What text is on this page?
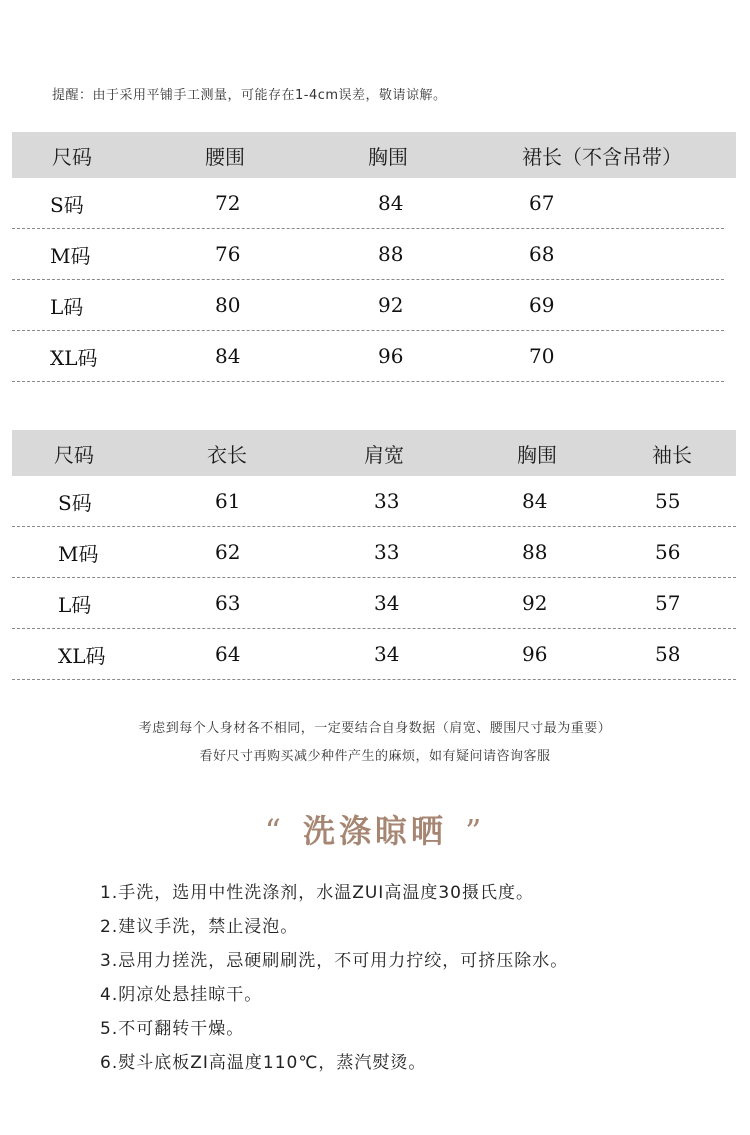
提醒：由于采用平铺手工测量，可能存在1-4cm误差，敬请谅解。
尺码	腰围	胸围	裙长（不含吊带）
S码	72	84	67
M码	76	88	68
L码	80	92	69
XL码	84	96	70
尺码	衣长	肩宽	胸围	袖长
S码	61	33	84	55
M码	62	33	88	56
L码	63	34	92	57
XL码	64	34	96	58
考虑到每个人身材各不相同，一定要结合自身数据（肩宽、腰围尺寸最为重要）
看好尺寸再购买减少种件产生的麻烦，如有疑问请咨询客服
“ 洗涤晾晒 ”
1.手洗，选用中性洗涤剂，水温ZUI高温度30摄氏度。
2.建议手洗，禁止浸泡。
3.忌用力搓洗，忌硬刷刷洗，不可用力拧绞，可挤压除水。
4.阴凉处悬挂晾干。
5.不可翻转干燥。
6.熨斗底板ZI高温度110℃，蒸汽熨烫。
